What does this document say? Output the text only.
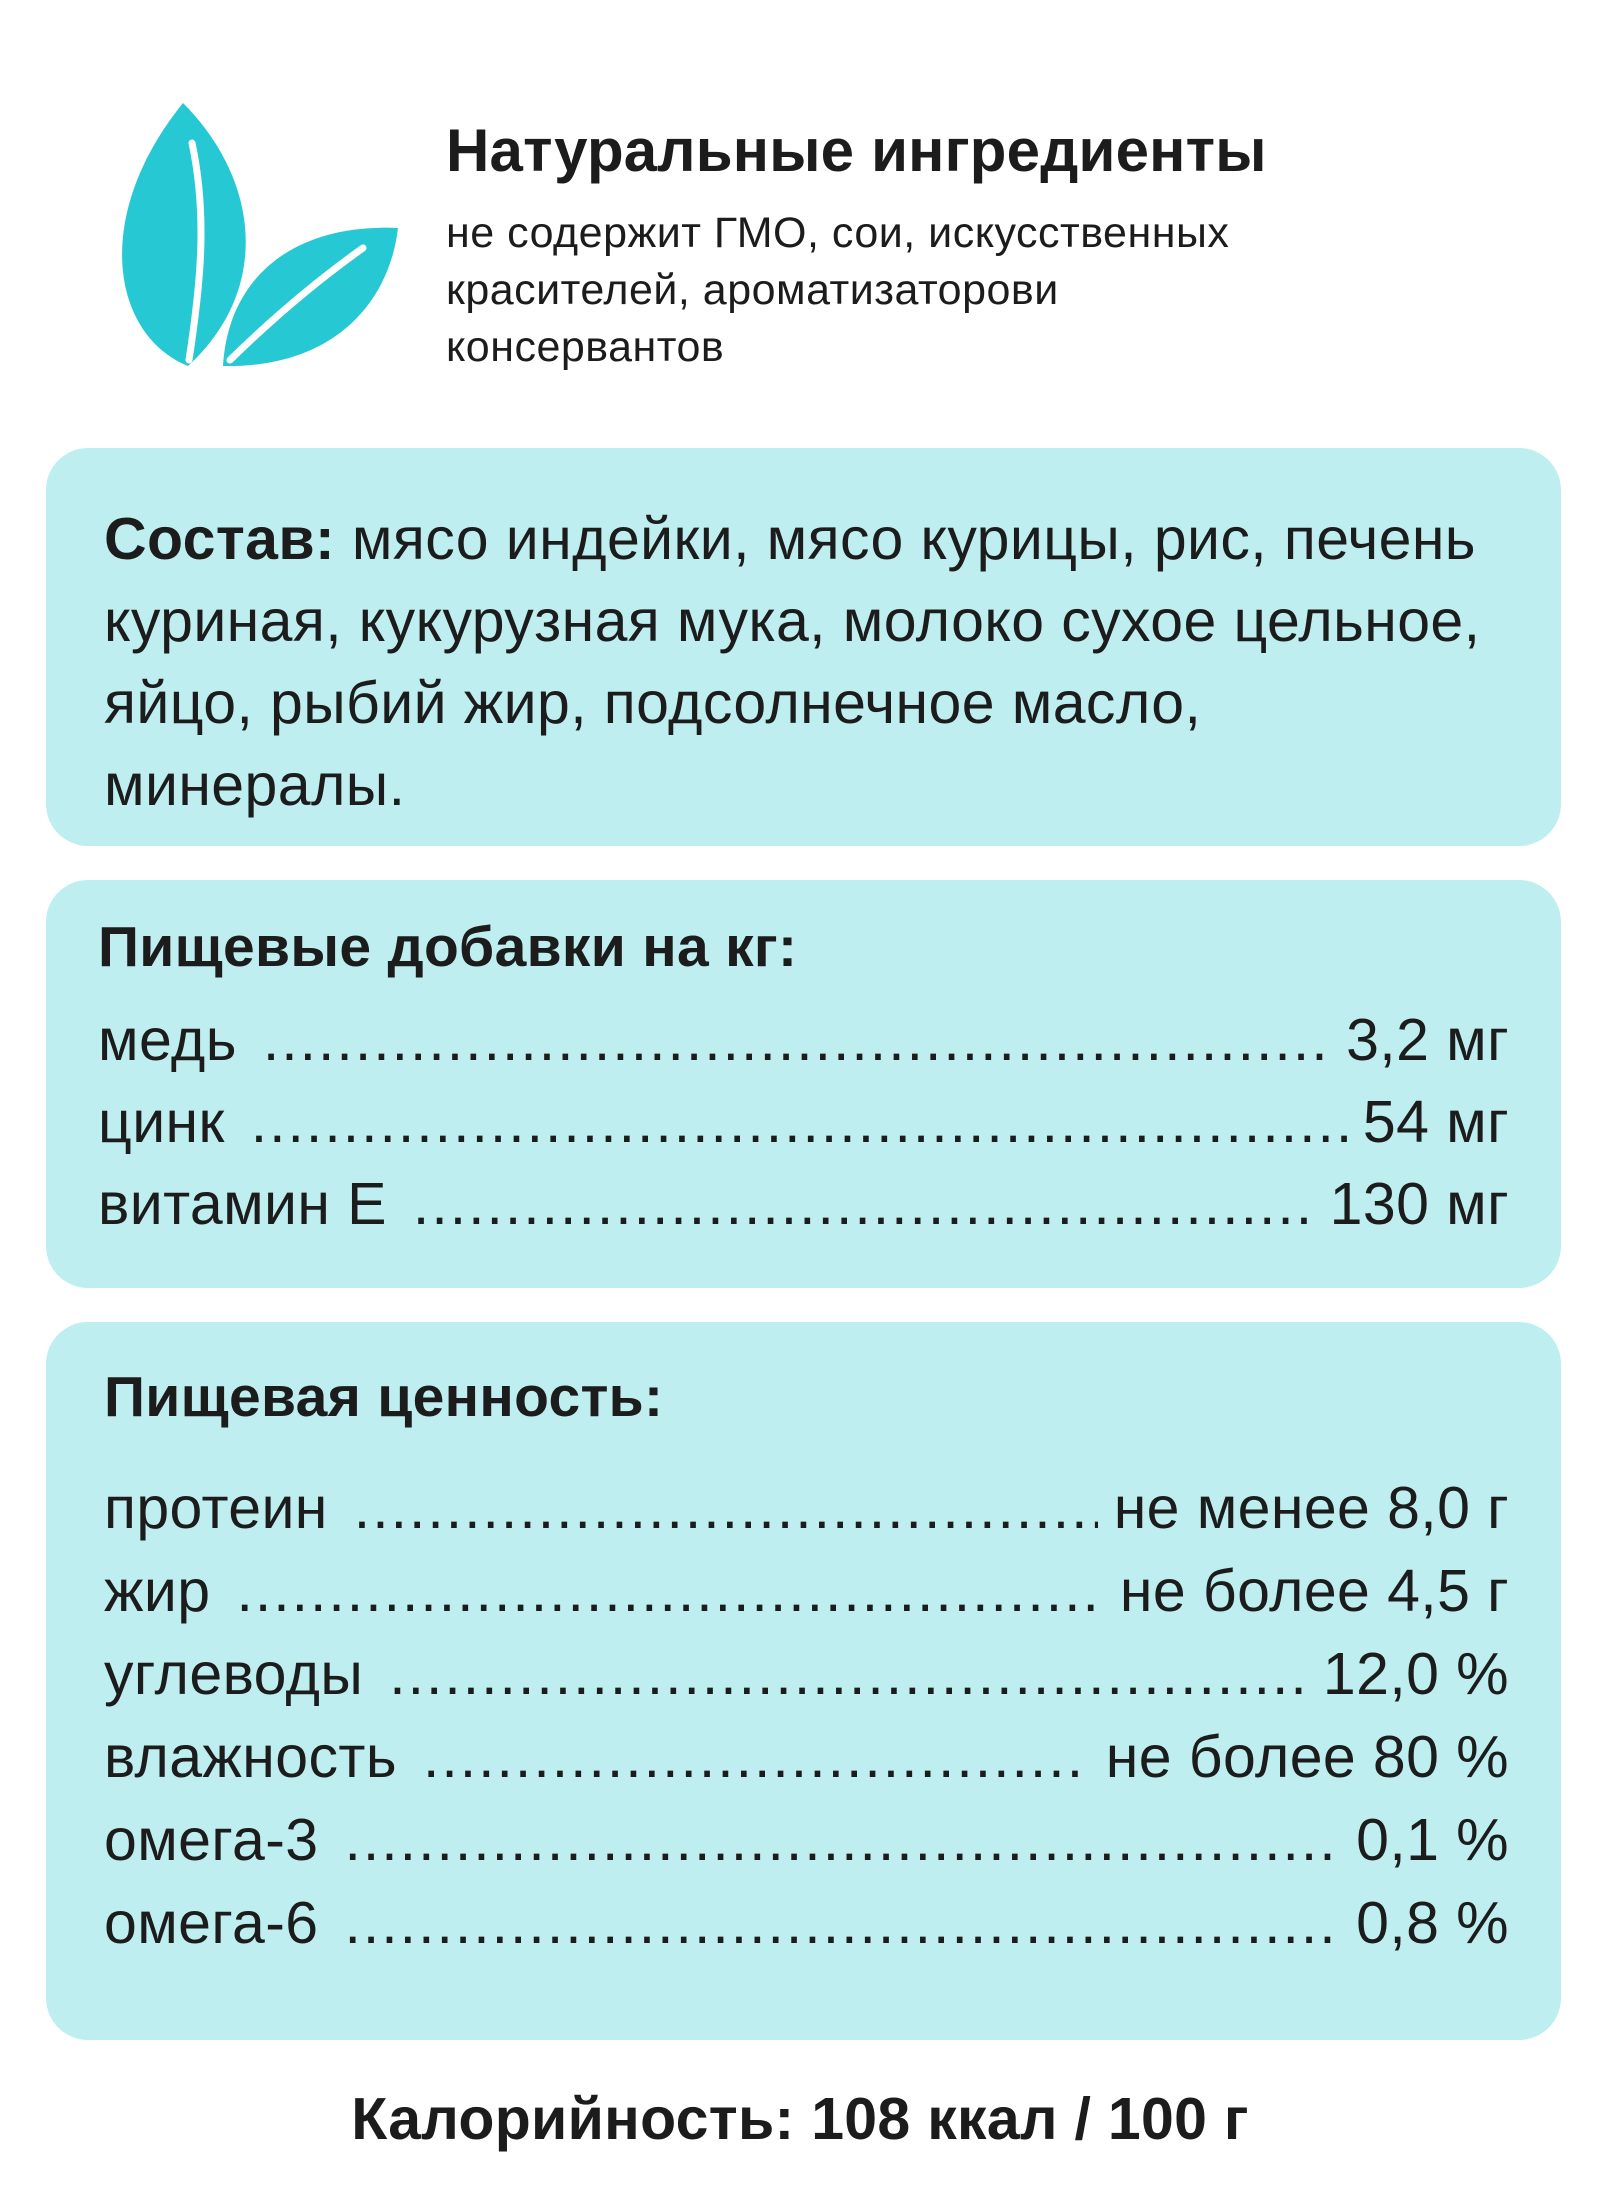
Натуральные ингредиенты
не содержит ГМО, сои, искусственных
красителей, ароматизаторови
консервантов
Состав: мясо индейки, мясо курицы, рис, печень куриная, кукурузная мука, молоко сухое цельное, яйцо, рыбий жир, подсолнечное масло, минералы.
Пищевые добавки на кг:
медь .....	3,2 мг
цинк .....	54 мг
витамин Е .....	130 мг
Пищевая ценность:
протеин .....	не менее 8,0 г
жир .....	не более 4,5 г
углеводы .....	12,0 %
влажность .....	не более 80 %
омега-3 .....	0,1 %
омега-6 .....	0,8 %
Калорийность: 108 ккал / 100 г
